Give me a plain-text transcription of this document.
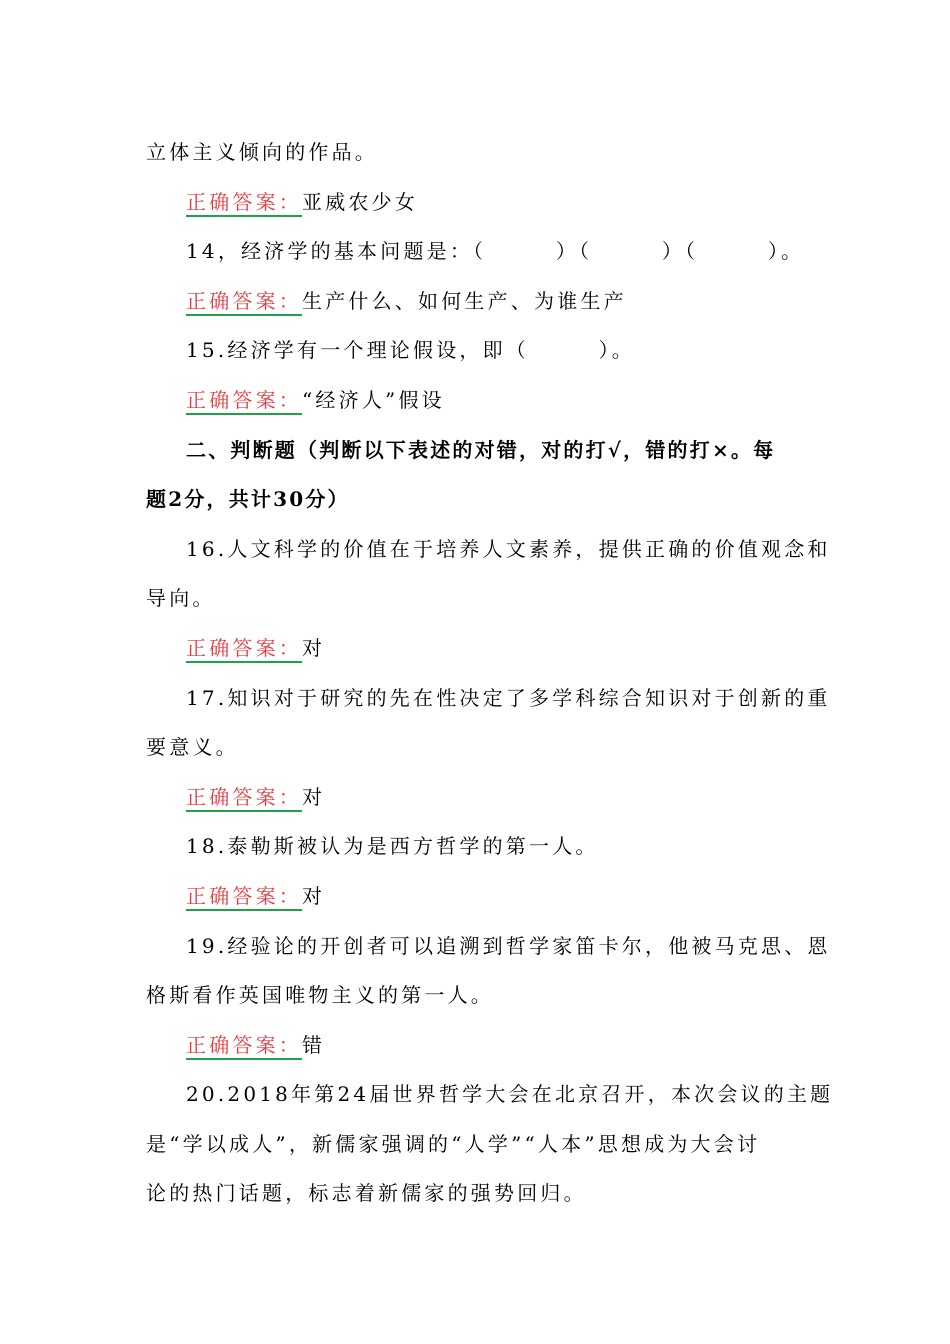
立体主义倾向的作品。
正确答案：亚威农少女
14，经济学的基本问题是：（　　　）（　　　）（　　　）。
正确答案：生产什么、如何生产、为谁生产
15.经济学有一个理论假设，即（　　　）。
正确答案：“经济人”假设
二、判断题（判断以下表述的对错，对的打√，错的打×。每
题2分，共计30分）
16.人文科学的价值在于培养人文素养，提供正确的价值观念和
导向。
正确答案：对
17.知识对于研究的先在性决定了多学科综合知识对于创新的重
要意义。
正确答案：对
18.泰勒斯被认为是西方哲学的第一人。
正确答案：对
19.经验论的开创者可以追溯到哲学家笛卡尔，他被马克思、恩
格斯看作英国唯物主义的第一人。
正确答案：错
20.2018年第24届世界哲学大会在北京召开，本次会议的主题
是“学以成人”，新儒家强调的“人学”“人本”思想成为大会讨
论的热门话题，标志着新儒家的强势回归。
